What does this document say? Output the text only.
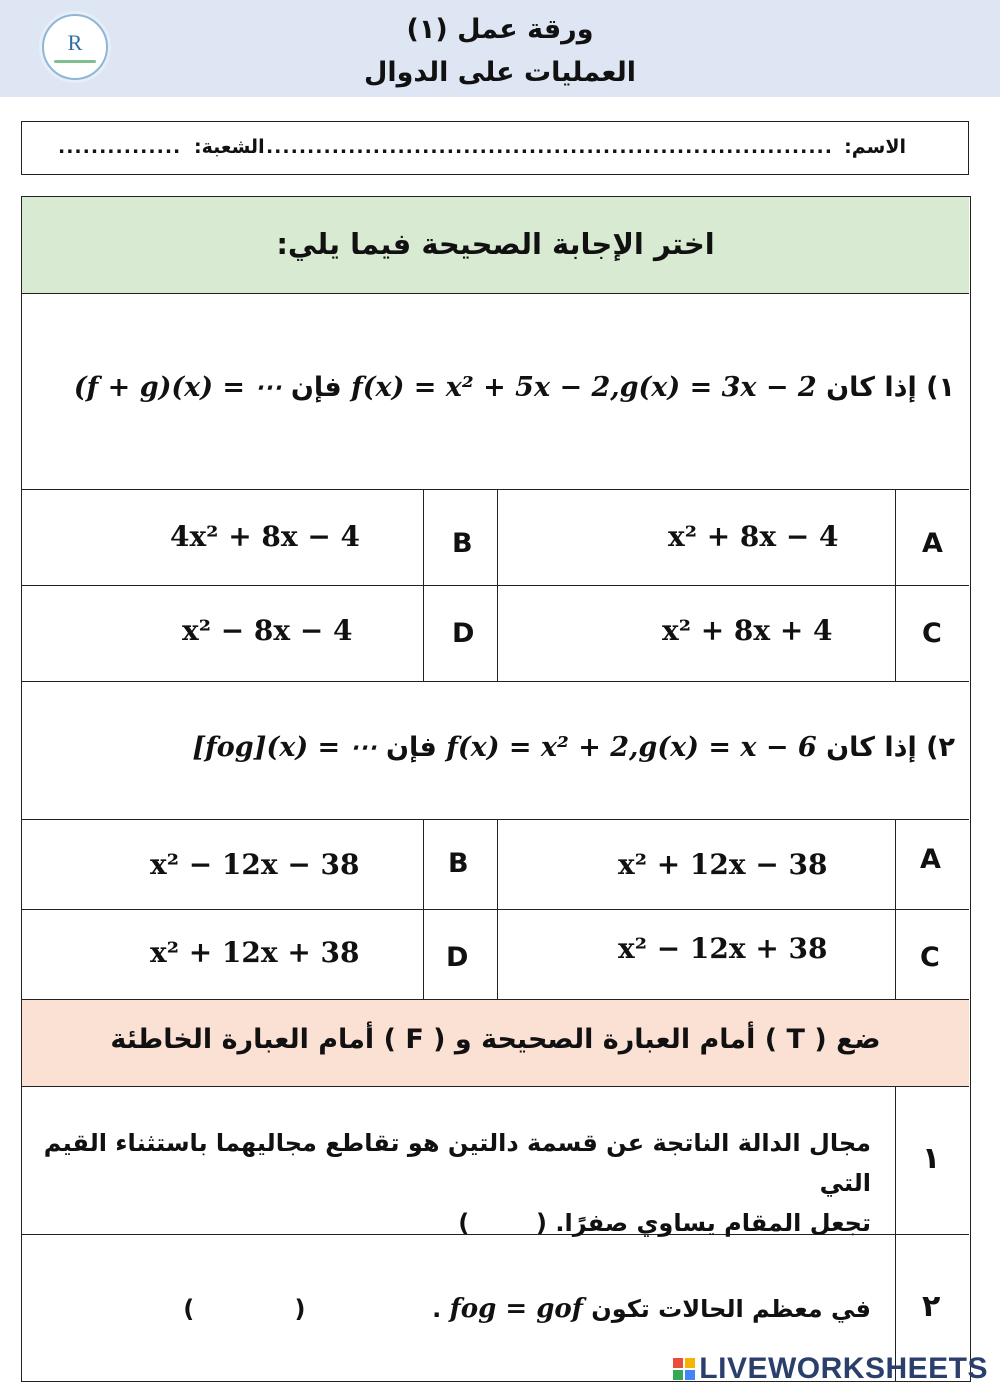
R	ورقة عمل (١)
العمليات على الدوال
الاسم:
......................................................................
الشعبة:
...............
اختر الإجابة الصحيحة فيما يلي:
١) إذا كان f(x) = x² + 5x − 2,g(x) = 3x − 2 فإن (f + g)(x) = ⋯
4x² + 8x − 4	B	x² + 8x − 4	A
x² − 8x − 4	D	x² + 8x + 4	C
٢) إذا كان f(x) = x² + 2,g(x) = x − 6 فإن [fog](x) = ⋯
x² − 12x − 38	B	x² + 12x − 38	A
x² + 12x + 38	D	x² − 12x + 38	C
ضع ( T ) أمام العبارة الصحيحة و ( F ) أمام العبارة الخاطئة
مجال الدالة الناتجة عن قسمة دالتين هو تقاطع مجاليهما باستثناء القيم التي
تجعل المقام يساوي صفرًا. (        )
١
في معظم الحالات تكون fog = gof .  (            )	٢
LIVEWORKSHEETS
